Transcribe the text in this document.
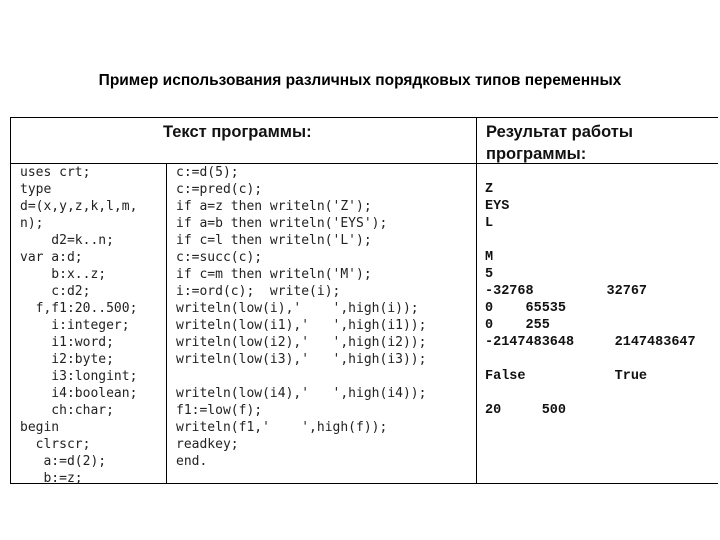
Пример использования различных порядковых типов переменных
Текст программы:	Результат работы
программы:
uses crt;
type
d=(x,y,z,k,l,m,
n);
d2=k..n;
var a:d;
b:x..z;
c:d2;
f,f1:20..500;
i:integer;
i1:word;
i2:byte;
i3:longint;
i4:boolean;
ch:char;
begin
clrscr;
a:=d(2);
b:=z;
c:=d(5);
c:=pred(c);
if a=z then writeln('Z');
if a=b then writeln('EYS');
if c=l then writeln('L');
c:=succ(c);
if c=m then writeln('M');
i:=ord(c);  write(i);
writeln(low(i),'    ',high(i));
writeln(low(i1),'   ',high(i1));
writeln(low(i2),'   ',high(i2));
writeln(low(i3),'   ',high(i3));
writeln(low(i4),'   ',high(i4));
f1:=low(f);
writeln(f1,'    ',high(f));
readkey;
end.
Z
EYS
L
M
5
-32768         32767
0    65535
0    255
-2147483648     2147483647
False           True
20     500
